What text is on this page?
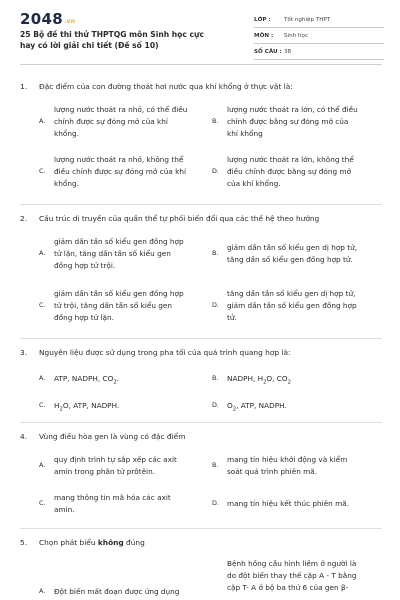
2048.vn
25 Bộ đề thi thử THPTQG môn Sinh học cực hay có lời giải chi tiết (Đề số 10)
LỚP : Tốt nghiệp THPT
MÔN : Sinh học
SỐ CÂU : 38
1. Đặc điểm của con đường thoát hơi nước qua khí khổng ở thực vật là:
A.
lượng nước thoát ra nhỏ, có thể điều
chỉnh được sự đóng mở của khí
khổng.
B.
lượng nước thoát ra lớn, có thể điều
chỉnh được bằng sự đóng mở của
khí khổng
C.
lượng nước thoát ra nhỏ, không thể
điều chỉnh được sự đóng mở của khí
khổng.
D.
lượng nước thoát ra lớn, không thể
điều chỉnh được bằng sự đóng mở
của khí khổng.
2. Cấu trúc di truyền của quần thể tự phối biến đổi qua các thế hệ theo hướng
A.
giảm dần tần số kiểu gen đồng hợp
tử lặn, tăng dần tần số kiểu gen
đồng hợp tử trội.
B.
giảm dần tần số kiểu gen dị hợp tử,
tăng dần số kiểu gen đồng hợp tử.
C.
giảm dần tần số kiểu gen đồng hợp
tử trội, tăng dần tần số kiểu gen
đồng hợp tử lặn.
D.
tăng dần tần số kiểu gen dị hợp tử,
giảm dần tần số kiểu gen đồng hợp
tử.
3. Nguyên liệu được sử dụng trong pha tối của quá trình quang hợp là:
A. ATP, NADPH, $CO_2$.	B. NADPH, $H_2O$, $CO_2$
C. $H_2O$, ATP, NADPH.	D. $O_2$, ATP, NADPH.
4. Vùng điều hòa gen là vùng có đặc điểm
A.
quy định trình tự sắp xếp các axit
amin trong phân tử prôtêin.
B.
mang tín hiệu khởi động và kiểm
soát quá trình phiên mã.
C.
mang thông tin mã hóa các axit
amin.
D. mang tín hiệu kết thúc phiên mã.
5. Chọn phát biểu không đúng
A. Đột biến mất đoạn được ứng dụng
Bệnh hồng cầu hình liềm ở người là
do đột biến thay thế cặp A - T bằng
cặp T- A ở bộ ba thứ 6 của gen β-
